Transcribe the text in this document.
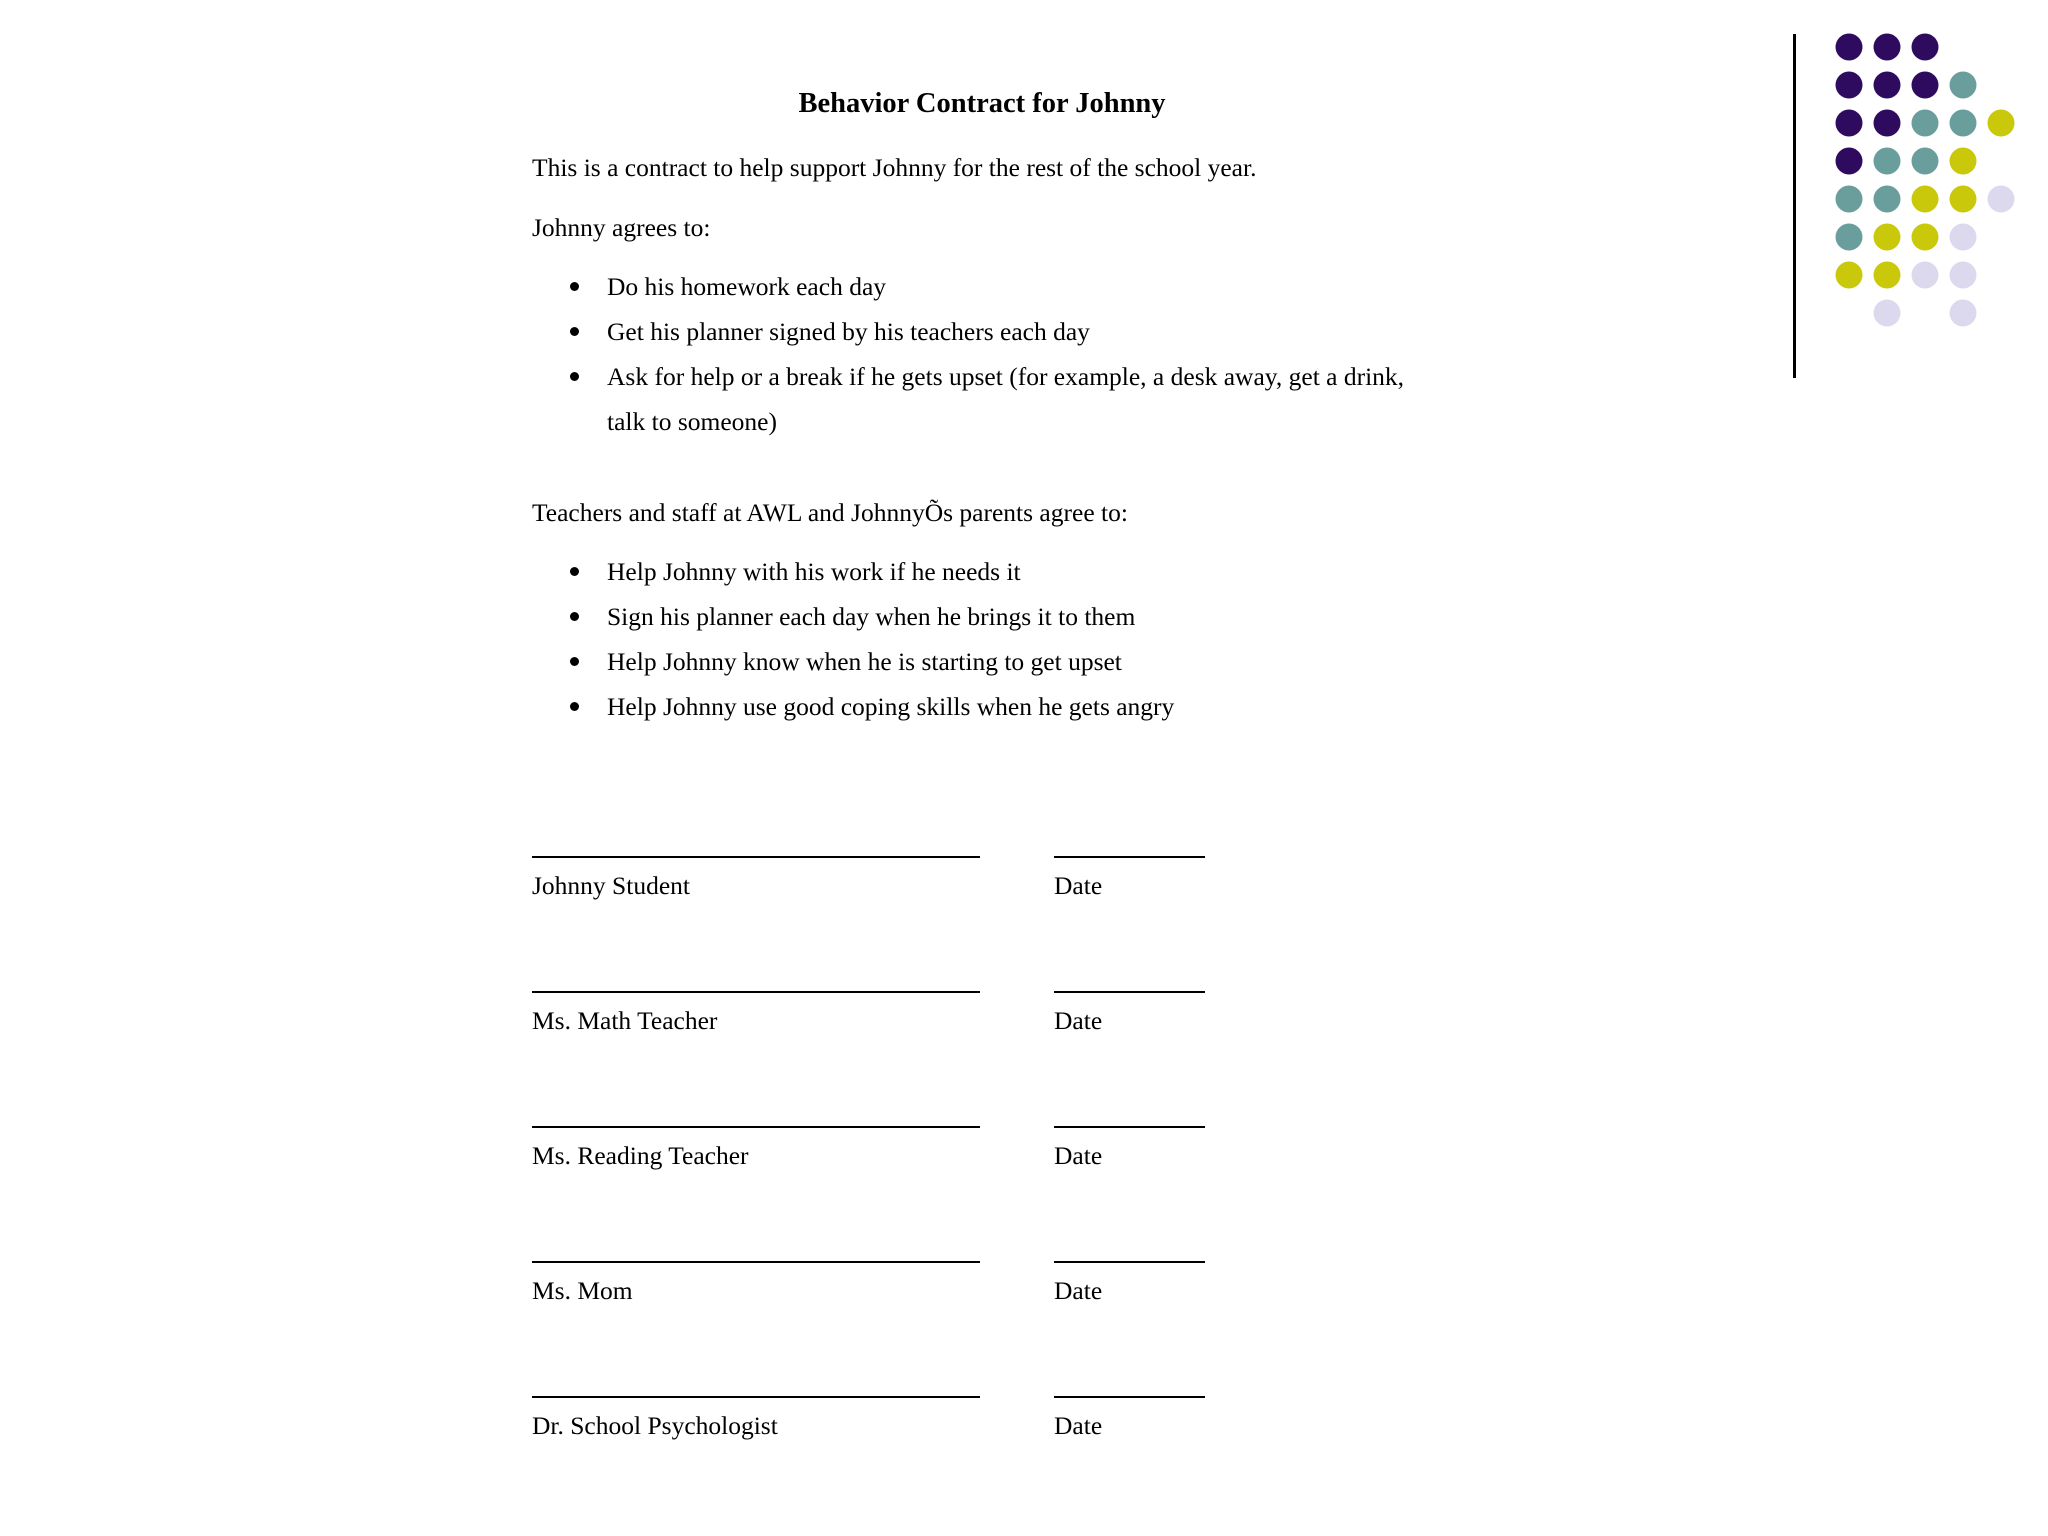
Behavior Contract for Johnny
This is a contract to help support Johnny for the rest of the school year.
Johnny agrees to:
Do his homework each day
Get his planner signed by his teachers each day
Ask for help or a break if he gets upset (for example, a desk away, get a drink,
talk to someone)
Teachers and staff at AWL and JohnnyÕs parents agree to:
Help Johnny with his work if he needs it
Sign his planner each day when he brings it to them
Help Johnny know when he is starting to get upset
Help Johnny use good coping skills when he gets angry
Johnny Student	Date
Ms. Math Teacher	Date
Ms. Reading Teacher	Date
Ms. Mom	Date
Dr. School Psychologist	Date
